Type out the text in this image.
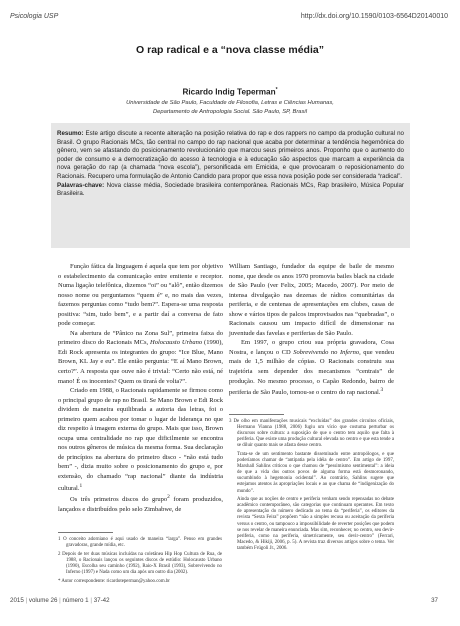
Psicologia USP	http://dx.doi.org/10.1590/0103-6564D20140010
O rap radical e a “nova classe média”
Ricardo Indig Teperman*
Universidade de São Paulo, Faculdade de Filosofia, Letras e Ciências Humanas,
Departamento de Antropologia Social. São Paulo, SP, Brasil

Resumo: Este artigo discute a recente alteração na posição relativa do rap e dos rappers no campo da produção cultural no Brasil. O grupo Racionais MCs, tão central no campo do rap nacional que acaba por determinar a tendência hegemônica do gênero, vem se afastando do posicionamento revolucionário que marcou seus primeiros anos. Proponho que o aumento do poder de consumo e a democratização do acesso à tecnologia e à educação são aspectos que marcam a experiência da nova geração do rap (a chamada “nova escola”), personificada em Emicida, e que provocaram o reposicionamento do Racionais. Recupero uma formulação de Antonio Candido para propor que essa nova posição pode ser considerada “radical”.

Palavras-chave: Nova classe média, Sociedade brasileira contemporânea. Racionais MCs, Rap brasileiro, Música Popular Brasileira.

Função fática da linguagem é aquela que tem por objetivo o estabelecimento da comunicação entre emitente e receptor. Numa ligação telefônica, dizemos “oi” ou “alô”, então dizemos nosso nome ou perguntamos “quem é” e, no mais das vezes, fazemos perguntas como “tudo bem?”. Espera-se uma resposta positiva: “sim, tudo bem”, e a partir daí a conversa de fato pode começar.

Na abertura de “Pânico na Zona Sul”, primeira faixa do primeiro disco do Racionais MCs, Holocausto Urbano (1990), Edi Rock apresenta os integrantes do grupo: “Ice Blue, Mano Brown, KL Jay e eu”. Ele então pergunta: “E aí Mano Brown, certo?”. A resposta que ouve não é trivial: “Certo não está, né mano! É os inocentes? Quem os tirará de volta?”.

Criado em 1988, o Racionais rapidamente se firmou como o principal grupo de rap no Brasil. Se Mano Brown e Edi Rock dividem de maneira equilibrada a autoria das letras, foi o primeiro quem acabou por tomar o lugar de liderança no que diz respeito à imagem externa do grupo. Mais que isso, Brown ocupa uma centralidade no rap que dificilmente se encontra nos outros gêneros de música da mesma forma. Sua declaração de princípios na abertura do primeiro disco - “não está tudo bem” -, dizia muito sobre o posicionamento do grupo e, por extensão, do chamado “rap nacional” diante da indústria cultural.$^1$

Os três primeiros discos do grupo$^2$ foram produzidos, lançados e distribuídos pelo selo Zimbabwe, de

William Santiago, fundador da equipe de baile de mesmo nome, que desde os anos 1970 promovia bailes black na cidade de São Paulo (ver Felix, 2005; Macedo, 2007). Por meio de intensa divulgação nas dezenas de rádios comunitárias da periferia, e de centenas de apresentações em clubes, casas de show e vários tipos de palcos improvisados nas “quebradas”, o Racionais causou um impacto difícil de dimensionar na juventude das favelas e periferias de São Paulo.

Em 1997, o grupo criou sua própria gravadora, Cosa Nostra, e lançou o CD Sobrevivendo no Inferno, que vendeu mais de 1,5 milhão de cópias. O Racionais construiu sua trajetória sem depender dos mecanismos “centrais” de produção. No mesmo processo, o Capão Redondo, bairro de periferia de São Paulo, tornou-se o centro do rap nacional.$^3$

1 O conceito adorniano é aqui usado de maneira “larga”. Penso em grandes gravadoras, grande mídia, etc.

2 Depois de ter duas músicas incluídas na coletânea Hip Hop Cultura de Rua, de 1988, o Racionais lançou os seguintes discos de estúdio: Holocausto Urbano (1990), Escolha seu caminho (1992), Raio-X Brasil (1993), Sobrevivendo no Inferno (1997) e Nada como um dia após um outro dia (2002).

* Autor correspondente: ricardoteperman@yahoo.com.br

3 De olho em manifestações musicais “excluídas” dos grandes circuitos oficiais, Hermano Vianna (1988, 2006) fugiu um vício que costuma perturbar os discursos sobre cultura: a suposição de que o centro tem aquilo que falta à periferia. Que existe uma produção cultural elevada no centro e que esta tende a se diluir quanto mais se afasta desse centro.

Trata-se de um sentimento bastante disseminado entre antropólogos, e que poderíamos chamar de “antipatia pela idéia de centro”. Em artigo de 1997, Marshall Sahlins criticou o que chamou de “pessimismo sentimental”: a ideia de que a vida dos outros povos de alguma forma está desmoronando, sucumbindo à hegemonia ocidental”. Ao contrário, Sahlins sugere que estejamos atentos às apropriações locais e ao que chama de “indigenização do mundo”.

Ainda que as noções de centro e periferia venham sendo repensadas no debate acadêmico contemporâneo, são categorias que continuam operantes. Em texto de apresentação do número dedicado ao tema da “periferia”, os editores da revista “Sexta Feira” propõem “não a simples recusa ou aceitação da periferia versus o centro, ou tampouco a impossibilidade de reverter posições que podem se nos revelar de maneira enunciada. Mas sim, reconhecer, no centro, seu devir-periferia, como na periferia, simetricamente, seu devir-centro” (Ferrari, Macedo, & Hikiji, 2006, p. 5). A revista traz diversos artigos sobre o tema. Ver também Frúgoli Jr., 2006.

2015 | volume 26 | número 1 | 37-42	37
